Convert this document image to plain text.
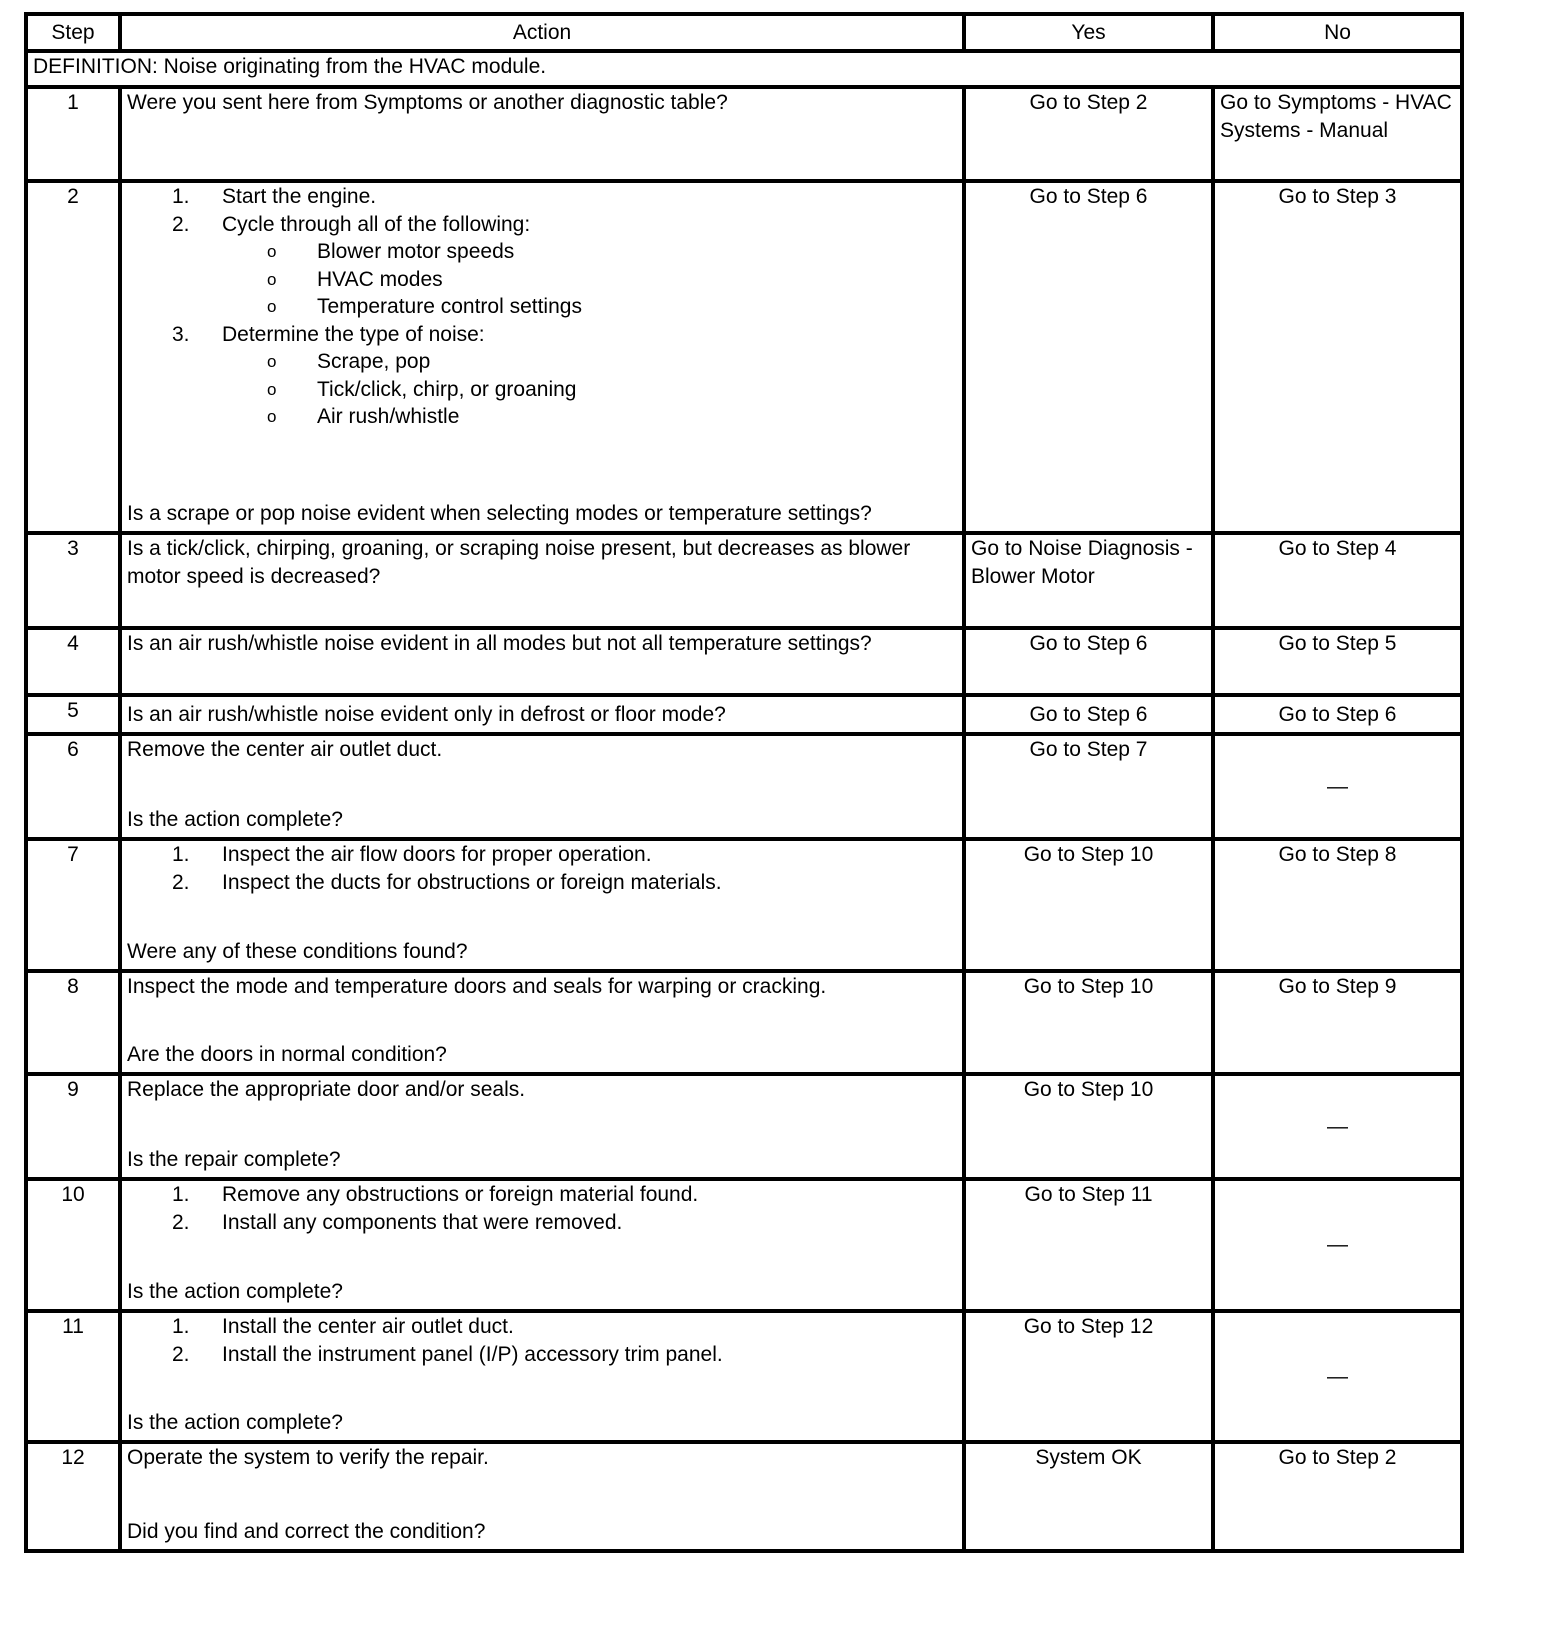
Step	Action	Yes	No
DEFINITION: Noise originating from the HVAC module.			
1	Were you sent here from Symptoms or another diagnostic table?	Go to Step 2	Go to Symptoms - HVAC Systems - Manual
2	1. Start the engine.
2. Cycle through all of the following:
o Blower motor speeds
o HVAC modes
o Temperature control settings
3. Determine the type of noise:
o Scrape, pop
o Tick/click, chirp, or groaning
o Air rush/whistle

Is a scrape or pop noise evident when selecting modes or temperature settings?

	Go to Step 6	Go to Step 3
3	Is a tick/click, chirping, groaning, or scraping noise present, but decreases as blower motor speed is decreased?	Go to Noise Diagnosis - Blower Motor	Go to Step 4
4	Is an air rush/whistle noise evident in all modes but not all temperature settings?	Go to Step 6	Go to Step 5
5	Is an air rush/whistle noise evident only in defrost or floor mode?	Go to Step 6	Go to Step 6
6	Remove the center air outlet duct.

Is the action complete?	Go to Step 7	—
7	1. Inspect the air flow doors for proper operation.
2. Inspect the ducts for obstructions or foreign materials.

Were any of these conditions found?

	Go to Step 10	Go to Step 8
8	Inspect the mode and temperature doors and seals for warping or cracking.

Are the doors in normal condition?	Go to Step 10	Go to Step 9
9	Replace the appropriate door and/or seals.

Is the repair complete?	Go to Step 10	—
10	1. Remove any obstructions or foreign material found.
2. Install any components that were removed.

Is the action complete?

	Go to Step 11	—
11	1. Install the center air outlet duct.
2. Install the instrument panel (I/P) accessory trim panel.

Is the action complete?

	Go to Step 12	—
12	Operate the system to verify the repair.

Did you find and correct the condition?	System OK	Go to Step 2
